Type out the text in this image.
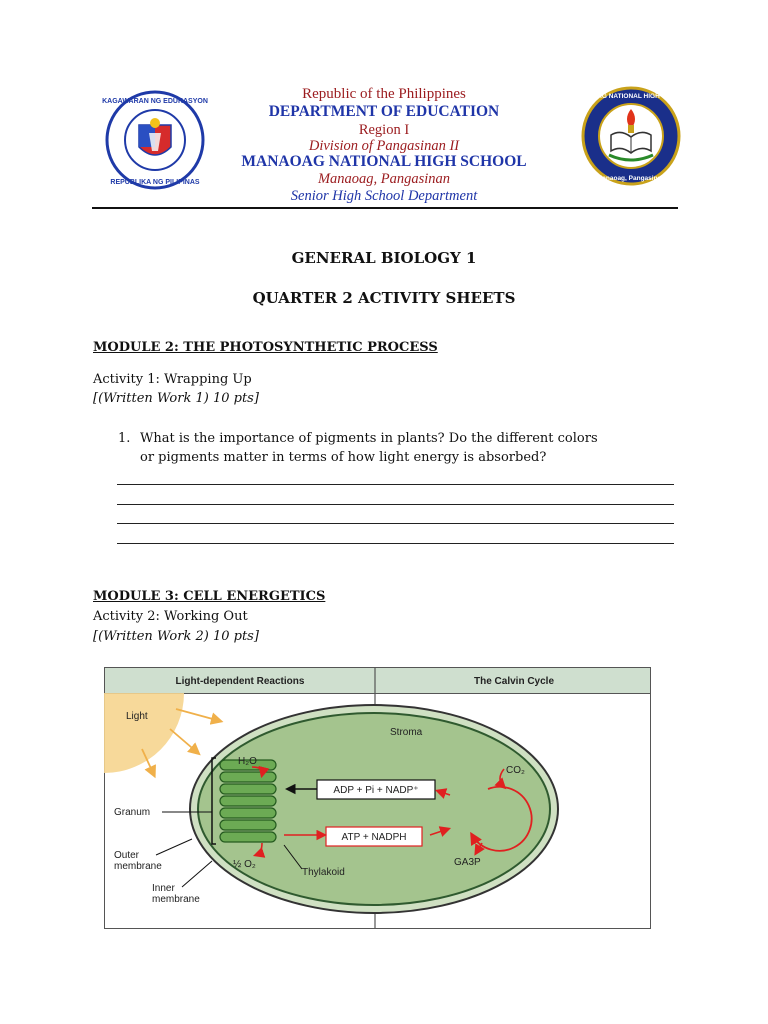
KAGAWARAN NG EDUKASYON
REPUBLIKA NG PILIPINAS
MANAOAG NATIONAL HIGH SCHOOL
Manaoag, Pangasinan
Republic of the Philippines
DEPARTMENT OF EDUCATION
Region I
Division of Pangasinan II
MANAOAG NATIONAL HIGH SCHOOL
Manaoag, Pangasinan
Senior High School Department
GENERAL BIOLOGY 1
QUARTER 2 ACTIVITY SHEETS
MODULE 2: THE PHOTOSYNTHETIC PROCESS
Activity 1: Wrapping Up
[(Written Work 1) 10 pts]
1. What is the importance of pigments in plants? Do the different colors
or pigments matter in terms of how light energy is absorbed?
MODULE 3: CELL ENERGETICS
Activity 2: Working Out
[(Written Work 2) 10 pts]
H₂O
½ O₂
ADP + Pi + NADP⁺
ATP + NADPH
CO₂
GA3P
Light-dependent Reactions	The Calvin Cycle
Light
Stroma
Granum
Outer
membrane
Inner
membrane
Thylakoid
